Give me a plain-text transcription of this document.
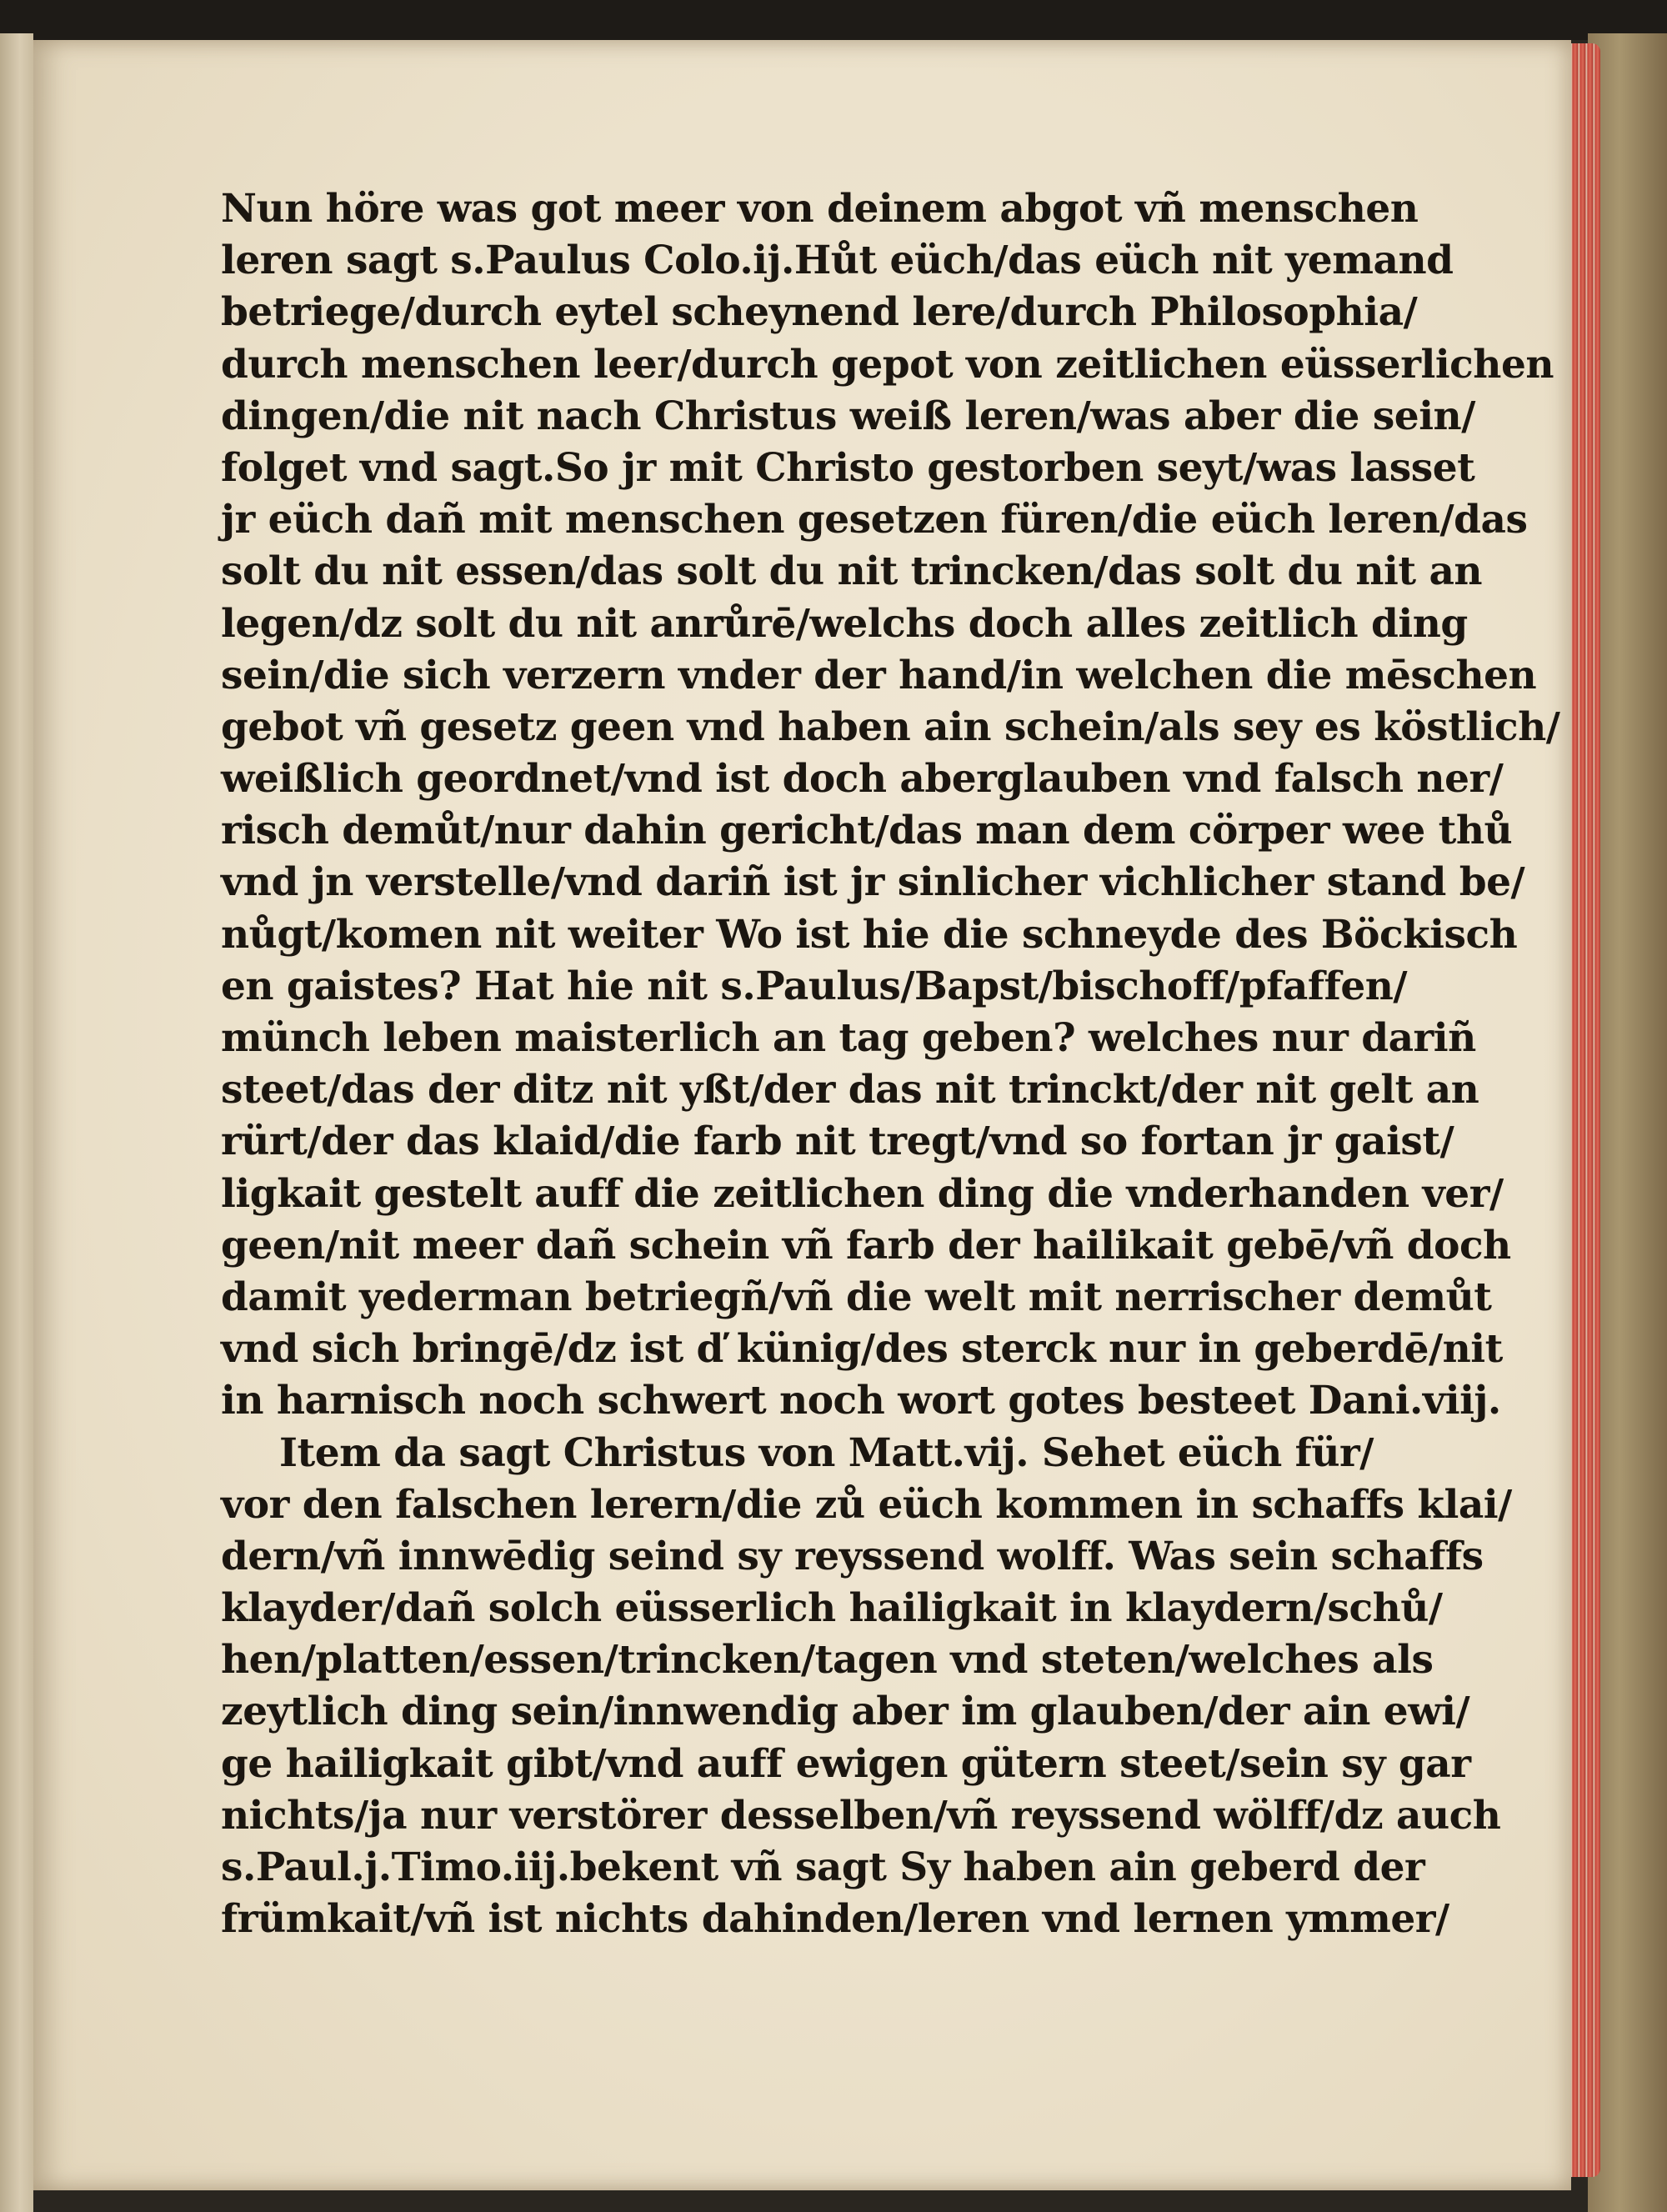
Nun höre was got meer von deinem abgot vñ menschen
leren sagt s.Paulus Colo.ij.Hůt eüch/das eüch nit yemand
betriege/durch eytel scheynend lere/durch Philosophia/
durch menschen leer/durch gepot von zeitlichen eüsserlichen
dingen/die nit nach Christus weiß leren/was aber die sein/
folget vnd sagt.So jr mit Christo gestorben seyt/was lasset
jr eüch dañ mit menschen gesetzen füren/die eüch leren/das
solt du nit essen/das solt du nit trincken/das solt du nit an
legen/dz solt du nit anrůrē/welchs doch alles zeitlich ding
sein/die sich verzern vnder der hand/in welchen die mēschen
gebot vñ gesetz geen vnd haben ain schein/als sey es köstlich/
weißlich geordnet/vnd ist doch aberglauben vnd falsch ner/
risch demůt/nur dahin gericht/das man dem cörper wee thů
vnd jn verstelle/vnd dariñ ist jr sinlicher vichlicher stand be/
nůgt/komen nit weiter Wo ist hie die schneyde des Böckisch
en gaistes? Hat hie nit s.Paulus/Bapst/bischoff/pfaffen/
münch leben maisterlich an tag geben? welches nur dariñ
steet/das der ditz nit yßt/der das nit trinckt/der nit gelt an
rürt/der das klaid/die farb nit tregt/vnd so fortan jr gaist/
ligkait gestelt auff die zeitlichen ding die vnderhanden ver/
geen/nit meer dañ schein vñ farb der hailikait gebē/vñ doch
damit yederman betriegñ/vñ die welt mit nerrischer demůt
vnd sich bringē/dz ist ď künig/des sterck nur in geberdē/nit
in harnisch noch schwert noch wort gotes besteet Dani.viij.
Item da sagt Christus von Matt.vij. Sehet eüch für/
vor den falschen lerern/die zů eüch kommen in schaffs klai/
dern/vñ innwēdig seind sy reyssend wolff. Was sein schaffs
klayder/dañ solch eüsserlich hailigkait in klaydern/schů/
hen/platten/essen/trincken/tagen vnd steten/welches als
zeytlich ding sein/innwendig aber im glauben/der ain ewi/
ge hailigkait gibt/vnd auff ewigen gütern steet/sein sy gar
nichts/ja nur verstörer desselben/vñ reyssend wölff/dz auch
s.Paul.j.Timo.iij.bekent vñ sagt Sy haben ain geberd der
frümkait/vñ ist nichts dahinden/leren vnd lernen ymmer/
